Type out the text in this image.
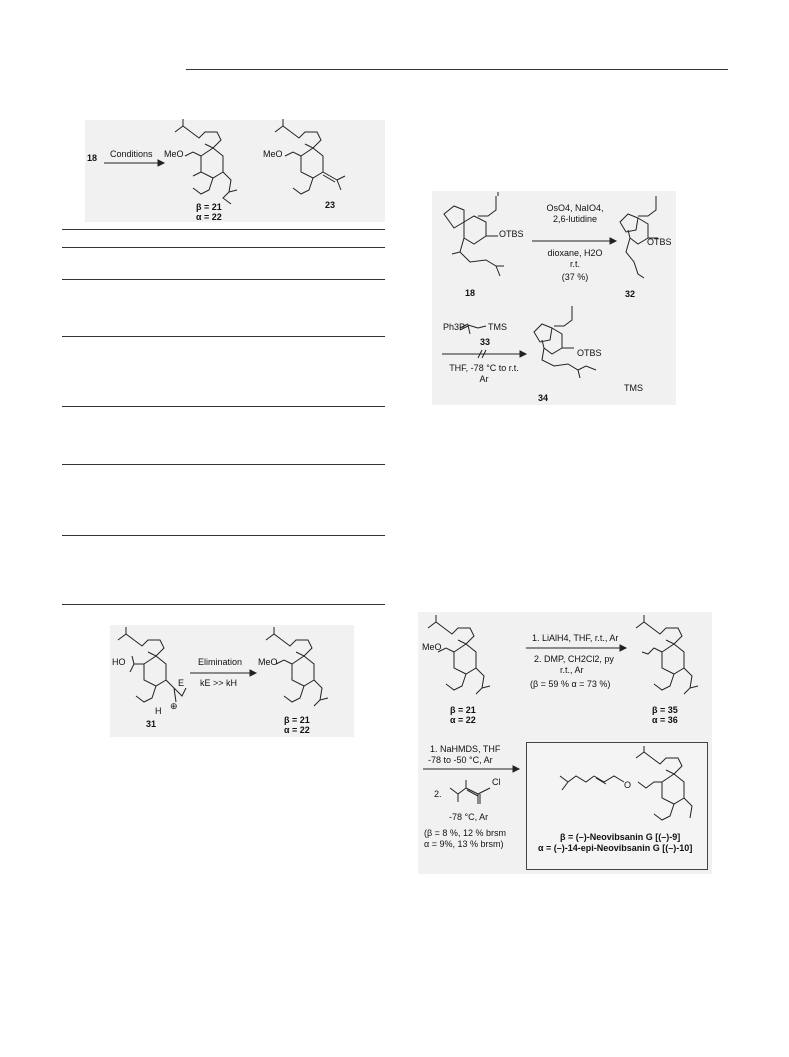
18 Conditions MeO
β = 21
α = 22
MeO
23
HO
E
H ⊕
31
Elimination
kE >> kH
MeO
β = 21
α = 22
OTBS
18
OsO4, NaIO4,
2,6-lutidine
dioxane, H2O
r.t.
(37 %)
OTBS
32
Ph3P	TMS
33
THF, -78 °C to r.t.
Ar
OTBS
TMS
34
MeO
β = 21
α = 22
1. LiAlH4, THF, r.t., Ar
2. DMP, CH2Cl2, py
r.t., Ar
(β = 59 % α = 73 %)
β = 35
α = 36
1. NaHMDS, THF
-78 to -50 °C, Ar
2.
Cl
-78 °C, Ar
(β = 8 %, 12 % brsm
α = 9%, 13 % brsm)
O
β = (–)-Neovibsanin G [(–)-9]
α = (–)-14-epi-Neovibsanin G [(–)-10]
